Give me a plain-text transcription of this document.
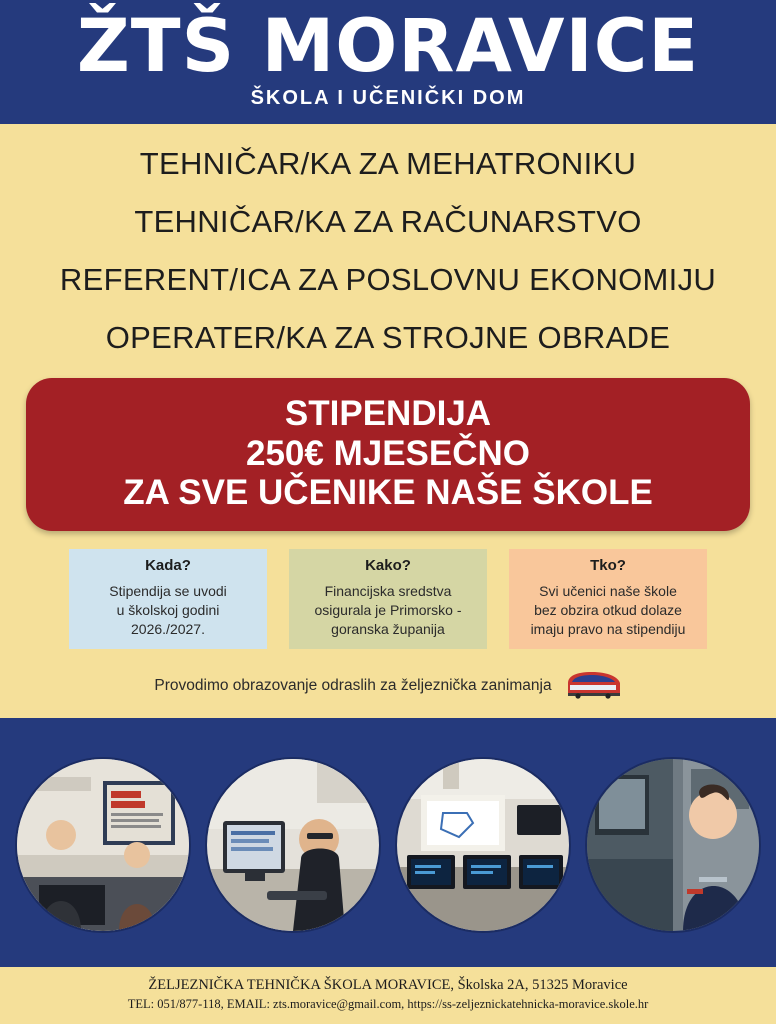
ŽTŠ MORAVICE
ŠKOLA I UČENIČKI DOM
TEHNIČAR/KA ZA MEHATRONIKU
TEHNIČAR/KA ZA RAČUNARSTVO
REFERENT/ICA ZA POSLOVNU EKONOMIJU
OPERATER/KA ZA STROJNE OBRADE
STIPENDIJA
250€ MJESEČNO
ZA SVE UČENIKE NAŠE ŠKOLE
Kada?
Stipendija se uvodi
u školskoj godini
2026./2027.
Kako?
Financijska sredstva
osigurala je Primorsko -
goranska županija
Tko?
Svi učenici naše škole
bez obzira otkud dolaze
imaju pravo na stipendiju
Provodimo obrazovanje odraslih za željeznička zanimanja
ŽELJEZNIČKA TEHNIČKA ŠKOLA MORAVICE, Školska 2A, 51325 Moravice
TEL: 051/877-118, EMAIL: zts.moravice@gmail.com, https://ss-zeljeznickatehnicka-moravice.skole.hr
